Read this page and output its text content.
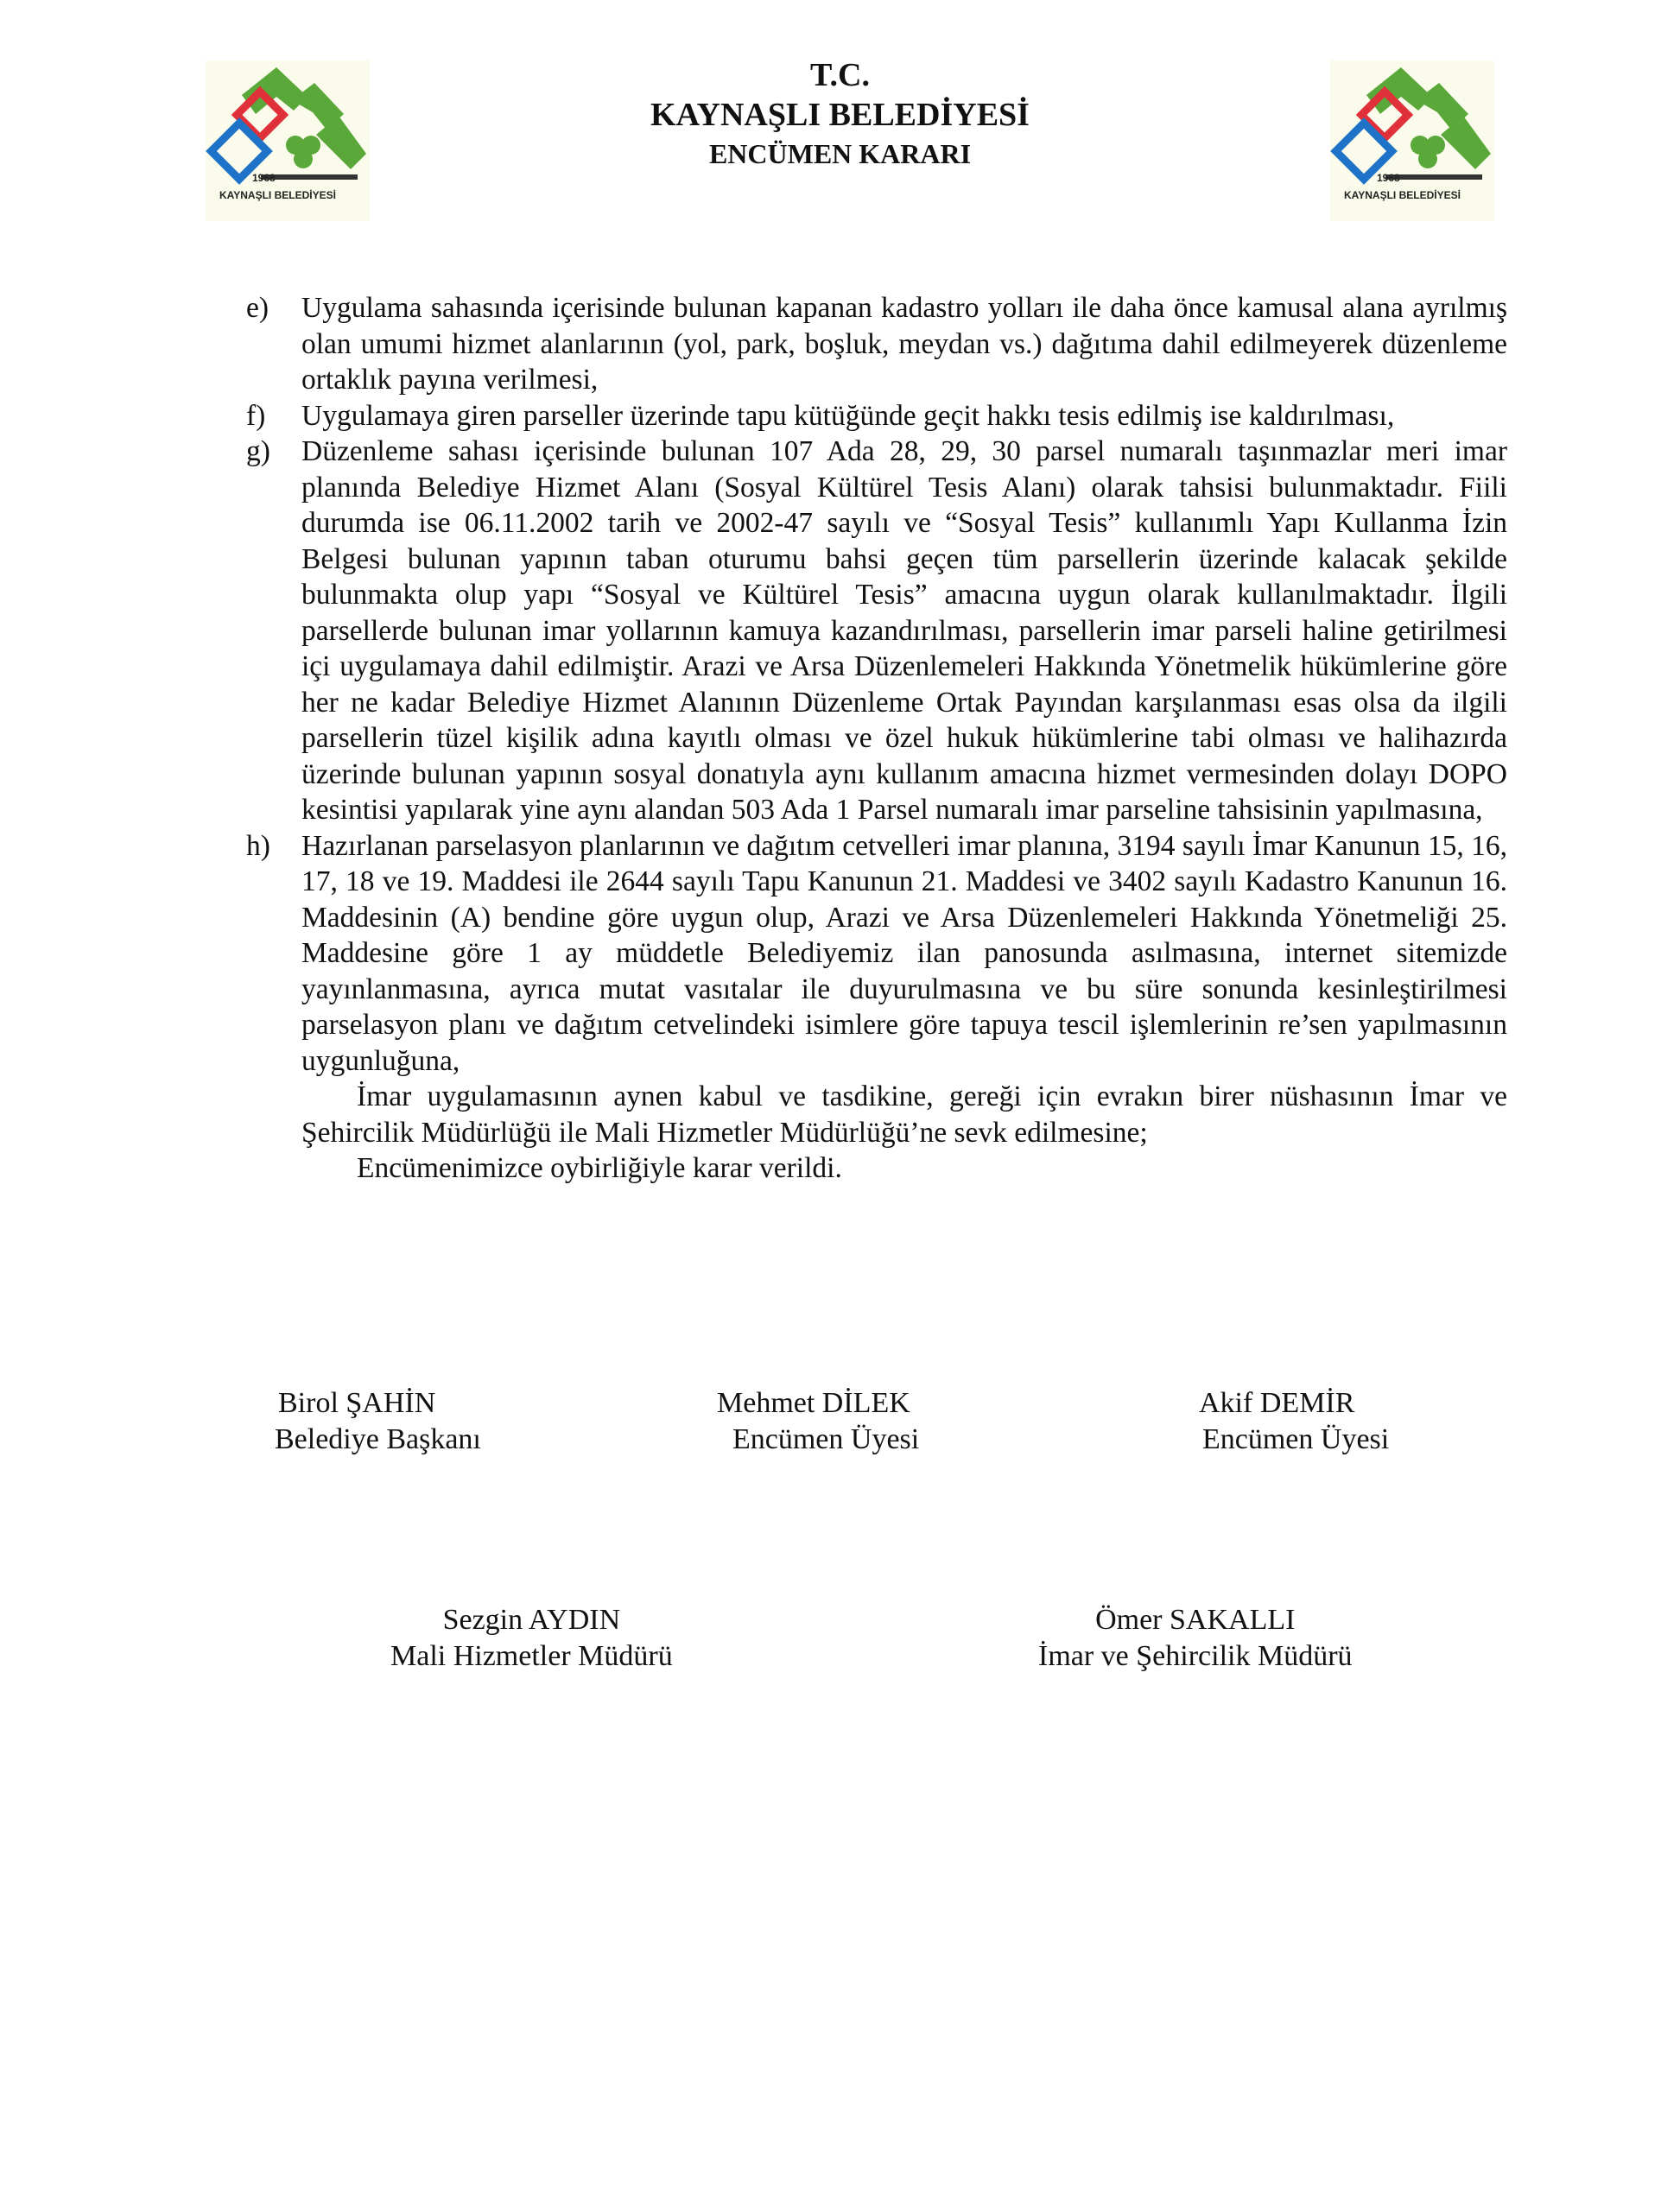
1968
KAYNAŞLI BELEDİYESİ
1968
KAYNAŞLI BELEDİYESİ
T.C.
KAYNAŞLI BELEDİYESİ
ENCÜMEN KARARI
e)	Uygulama sahasında içerisinde bulunan kapanan kadastro yolları ile daha önce kamusal alana ayrılmış olan umumi hizmet alanlarının (yol, park, boşluk, meydan vs.) dağıtıma dahil edilmeyerek düzenleme ortaklık payına verilmesi,
f)	Uygulamaya giren parseller üzerinde tapu kütüğünde geçit hakkı tesis edilmiş ise kaldırılması,
g)	Düzenleme sahası içerisinde bulunan 107 Ada 28, 29, 30 parsel numaralı taşınmazlar meri imar planında Belediye Hizmet Alanı (Sosyal Kültürel Tesis Alanı) olarak tahsisi bulunmaktadır. Fiili durumda ise 06.11.2002 tarih ve 2002-47 sayılı ve “Sosyal Tesis” kullanımlı Yapı Kullanma İzin Belgesi bulunan yapının taban oturumu bahsi geçen tüm parsellerin üzerinde kalacak şekilde bulunmakta olup yapı “Sosyal ve Kültürel Tesis” amacına uygun olarak kullanılmaktadır. İlgili parsellerde bulunan imar yollarının kamuya kazandırılması, parsellerin imar parseli haline getirilmesi içi uygulamaya dahil edilmiştir. Arazi ve Arsa Düzenlemeleri Hakkında Yönetmelik hükümlerine göre her ne kadar Belediye Hizmet Alanının Düzenleme Ortak Payından karşılanması esas olsa da ilgili parsellerin tüzel kişilik adına kayıtlı olması ve özel hukuk hükümlerine tabi olması ve halihazırda üzerinde bulunan yapının sosyal donatıyla aynı kullanım amacına hizmet vermesinden dolayı DOPO kesintisi yapılarak yine aynı alandan 503 Ada 1 Parsel numaralı imar parseline tahsisinin yapılmasına,
h)	Hazırlanan parselasyon planlarının ve dağıtım cetvelleri imar planına, 3194 sayılı İmar Kanunun 15, 16, 17, 18 ve 19. Maddesi ile 2644 sayılı Tapu Kanunun 21. Maddesi ve 3402 sayılı Kadastro Kanunun 16. Maddesinin (A) bendine göre uygun olup, Arazi ve Arsa Düzenlemeleri Hakkında Yönetmeliği 25. Maddesine göre 1 ay müddetle Belediyemiz ilan panosunda asılmasına, internet sitemizde yayınlanmasına, ayrıca mutat vasıtalar ile duyurulmasına ve bu süre sonunda kesinleştirilmesi parselasyon planı ve dağıtım cetvelindeki isimlere göre tapuya tescil işlemlerinin re’sen yapılmasının uygunluğuna,
İmar uygulamasının aynen kabul ve tasdikine, gereği için evrakın birer nüshasının İmar ve Şehircilik Müdürlüğü ile Mali Hizmetler Müdürlüğü’ne sevk edilmesine;
Encümenimizce oybirliğiyle karar verildi.
Birol ŞAHİN
Belediye Başkanı
Mehmet DİLEK
Encümen Üyesi
Akif DEMİR
Encümen Üyesi
Sezgin AYDIN
Mali Hizmetler Müdürü
Ömer SAKALLI
İmar ve Şehircilik Müdürü
